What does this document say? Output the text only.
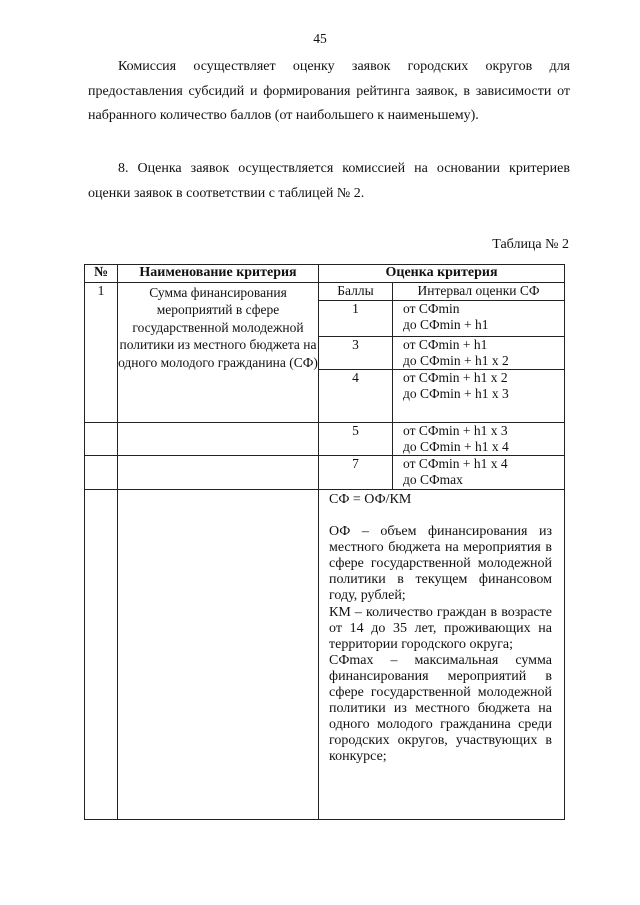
45

Комиссия осуществляет оценку заявок городских округов для предоставления субсидий и формирования рейтинга заявок, в зависимости от набранного количество баллов (от наибольшего к наименьшему).

8. Оценка заявок осуществляется комиссией на основании критериев оценки заявок в соответствии с таблицей № 2.

Таблица № 2
№	Наименование критерия	Оценка критерия	
1	Сумма финансирования мероприятий в сфере государственной молодежной политики из местного бюджета на одного молодого гражданина (СФ)	Баллы	Интервал оценки СФ
		1	от СФmin
до СФmin + h1

		3	от СФmin + h1
до СФmin + h1 x 2

		4	от СФmin + h1 x 2
до СФmin + h1 x 3

		5	от СФmin + h1 x 3
до СФmin + h1 x 4

		7	от СФmin + h1 x 4
до СФmax

		СФ = ОФ/КМ

ОФ – объем финансирования из местного бюджета на мероприятия в сфере государственной молодежной политики в текущем финансовом году, рублей;

КМ – количество граждан в возрасте от 14 до 35 лет, проживающих на территории городского округа;

СФmax – максимальная сумма финансирования мероприятий в сфере государственной молодежной политики из местного бюджета на одного молодого гражданина среди городских округов, участвующих в конкурсе;	
